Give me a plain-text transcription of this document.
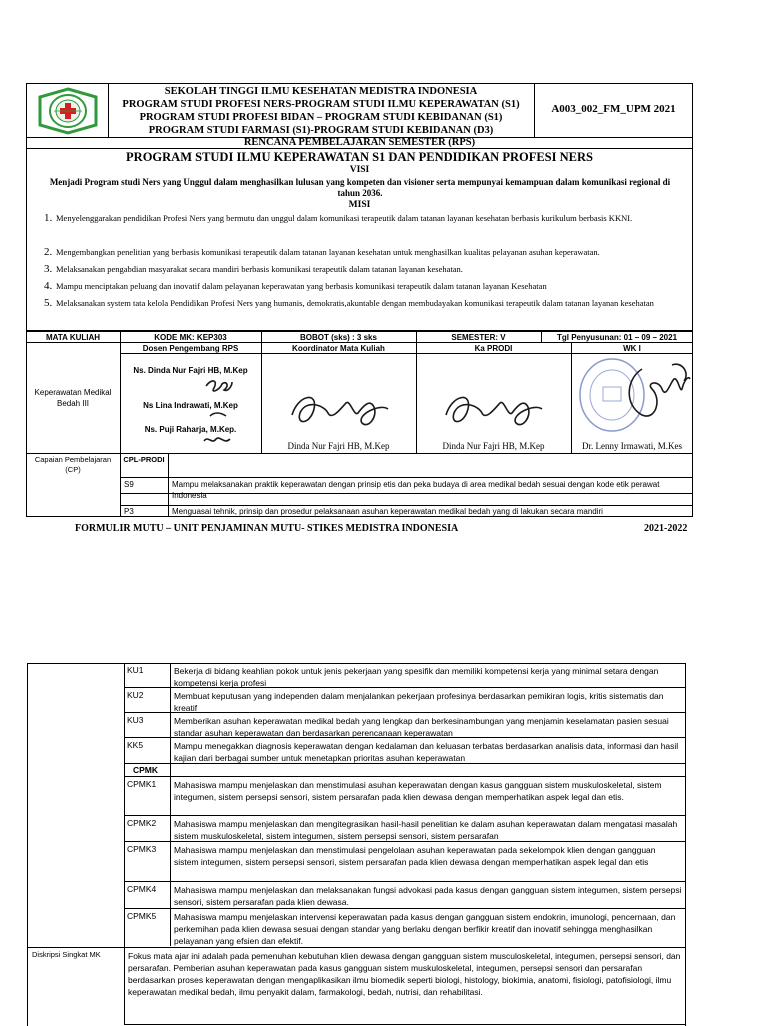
SEKOLAH TINGGI ILMU KESEHATAN MEDISTRA INDONESIA
PROGRAM STUDI PROFESI NERS-PROGRAM STUDI ILMU KEPERAWATAN (S1)
PROGRAM STUDI PROFESI BIDAN – PROGRAM STUDI KEBIDANAN (S1)
PROGRAM STUDI FARMASI (S1)-PROGRAM STUDI KEBIDANAN (D3)
A003_002_FM_UPM 2021
RENCANA PEMBELAJARAN SEMESTER (RPS)
PROGRAM STUDI ILMU KEPERAWATAN S1 DAN PENDIDIKAN PROFESI NERS
VISI
Menjadi Program studi Ners yang Unggul dalam menghasilkan lulusan yang kompeten dan visioner serta mempunyai kemampuan dalam komunikasi regional di tahun 2036.
MISI
1. Menyelenggarakan pendidikan Profesi Ners yang bermutu dan unggul dalam komunikasi terapeutik dalam tatanan layanan kesehatan berbasis kurikulum berbasis KKNI.
2. Mengembangkan penelitian yang berbasis komunikasi terapeutik dalam tatanan layanan kesehatan untuk menghasilkan kualitas pelayanan asuhan keperawatan.
3. Melaksanakan pengabdian masyarakat secara mandiri berbasis komunikasi terapeutik dalam tatanan layanan kesehatan.
4. Mampu menciptakan peluang dan inovatif dalam pelayanan keperawatan yang berbasis komunikasi terapeutik dalam tatanan layanan Kesehatan
5. Melaksanakan system tata kelola Pendidikan Profesi Ners yang humanis, demokratis,akuntable dengan membudayakan komunikasi terapeutik dalam tatanan layanan kesehatan
MATA KULIAH	KODE MK: KEP303	BOBOT (sks) : 3 sks	SEMESTER: V	Tgl Penyusunan: 01 – 09 – 2021
Dosen Pengembang RPS	Koordinator Mata Kuliah	Ka PRODI	WK I
Keperawatan Medikal Bedah III
Ns. Dinda Nur Fajri HB, M.Kep
Ns Lina Indrawati, M.Kep
Ns. Puji Raharja, M.Kep.
Dinda Nur Fajri HB, M.Kep	Dinda Nur Fajri HB, M.Kep	Dr. Lenny Irmawati, M.Kes
Capaian Pembelajaran (CP)
CPL-PRODI
S9	Mampu melaksanakan praktik keperawatan dengan prinsip etis dan peka budaya di area medikal bedah sesuai dengan kode etik perawat Indonesia
P3	Menguasai tehnik, prinsip dan prosedur pelaksanaan asuhan keperawatan medikal bedah yang di lakukan secara mandiri
FORMULIR MUTU – UNIT PENJAMINAN MUTU- STIKES MEDISTRA INDONESIA	2021-2022
KU1	Bekerja di bidang keahlian pokok untuk jenis pekerjaan yang spesifik dan memiliki kompetensi kerja yang minimal setara dengan kompetensi kerja profesi
KU2	Membuat keputusan yang independen dalam menjalankan pekerjaan profesinya berdasarkan pemikiran logis, kritis sistematis dan kreatif
KU3	Memberikan asuhan keperawatan medikal bedah yang lengkap dan berkesinambungan yang menjamin keselamatan pasien sesuai standar asuhan keperawatan dan berdasarkan perencanaan keperawatan
KK5	Mampu menegakkan diagnosis keperawatan dengan kedalaman dan keluasan terbatas berdasarkan analisis data, informasi dan hasil kajian dari berbagai sumber untuk menetapkan prioritas asuhan keperawatan
CPMK
CPMK1 Mahasiswa mampu menjelaskan dan menstimulasi asuhan keperawatan dengan kasus gangguan sistem muskuloskeletal, sistem integumen, sistem persepsi sensori, sistem persarafan pada klien dewasa dengan memperhatikan aspek legal dan etis.
CPMK2 Mahasiswa mampu menjelaskan dan mengitegrasikan hasil-hasil penelitian ke dalam asuhan keperawatan dalam mengatasi masalah sistem muskuloskeletal, sistem integumen, sistem persepsi sensori, sistem persarafan
CPMK3 Mahasiswa mampu menjelaskan dan menstimulasi pengelolaan asuhan keperawatan pada sekelompok klien dengan gangguan sistem integumen, sistem persepsi sensori, sistem persarafan pada klien dewasa dengan memperhatikan aspek legal dan etis
CPMK4 Mahasiswa mampu menjelaskan dan melaksanakan fungsi advokasi pada kasus dengan gangguan sistem integumen, sistem persepsi sensori, sistem persarafan pada klien dewasa.
CPMK5 Mahasiswa mampu menjelaskan intervensi keperawatan pada kasus dengan gangguan sistem endokrin, imunologi, pencernaan, dan perkemihan pada klien dewasa sesuai dengan standar yang berlaku dengan berfikir kreatif dan inovatif sehingga menghasilkan pelayanan yang efsien dan efektif.
Diskripsi Singkat MK	Fokus mata ajar ini adalah pada pemenuhan kebutuhan klien dewasa dengan gangguan sistem musculoskeletal, integumen, persepsi sensori, dan persarafan. Pemberian asuhan keperawatan pada kasus gangguan sistem muskuloskeletal, integumen, persepsi sensori dan persarafan berdasarkan proses keperawatan dengan mengaplikasikan ilmu biomedik seperti biologi, histology, biokimia, anatomi, fisiologi, patofisiologi, ilmu keperawatan medikal bedah, ilmu penyakit dalam, farmakologi, bedah, nutrisi, dan rehabilitasi.
